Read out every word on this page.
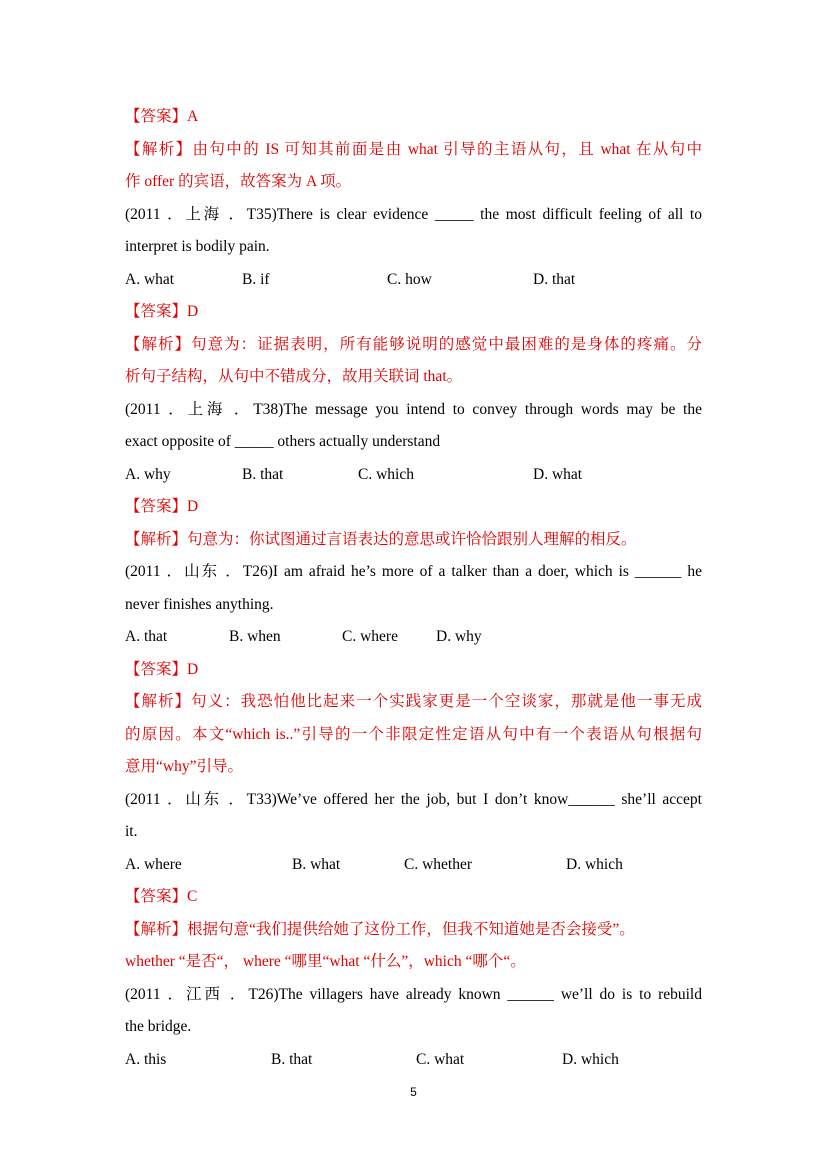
【答案】A
【解析】由句中的 IS 可知其前面是由 what 引导的主语从句，且 what 在从句中
作 offer 的宾语，故答案为 A 项。
(2011 ．上海 ．T35)There is clear evidence _____ the most difficult feeling of all to
interpret is bodily pain.
A. what	B. if	C. how	D. that
【答案】D
【解析】句意为：证据表明，所有能够说明的感觉中最困难的是身体的疼痛。分
析句子结构，从句中不错成分，故用关联词 that。
(2011 ．上海 ．T38)The message you intend to convey through words may be the
exact opposite of _____ others actually understand
A. why	B. that	C. which	D. what
【答案】D
【解析】句意为：你试图通过言语表达的意思或许恰恰跟别人理解的相反。
(2011 ．山东 ．T26)I am afraid he’s more of a talker than a doer, which is ______ he
never finishes anything.
A. that	B. when	C. where D. why
【答案】D
【解析】句义：我恐怕他比起来一个实践家更是一个空谈家，那就是他一事无成
的原因。本文“which is..”引导的一个非限定性定语从句中有一个表语从句根据句
意用“why”引导。
(2011 ．山东 ．T33)We’ve offered her the job, but I don’t know______ she’ll accept
it.
A. where	B. what	C. whether	D. which
【答案】C
【解析】根据句意“我们提供给她了这份工作，但我不知道她是否会接受”。
whether “是否“， where “哪里“what “什么”，which “哪个“。
(2011 ．江西 ．T26)The villagers have already known ______ we’ll do is to rebuild
the bridge.
A. this	B. that	C. what	D. which
5
